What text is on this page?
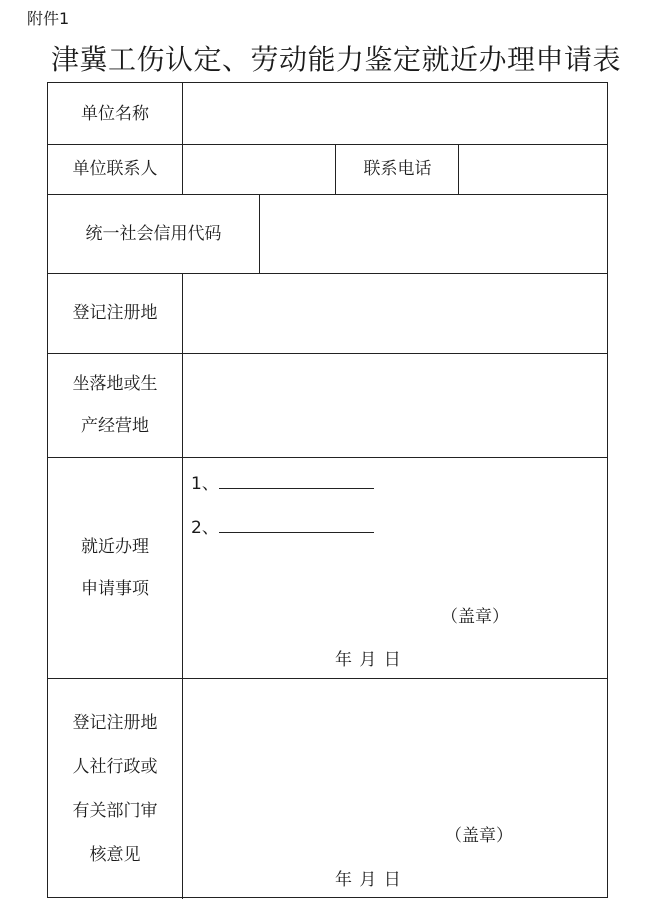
附件1
津冀工伤认定、劳动能力鉴定就近办理申请表
单位名称
单位联系人	联系电话
统一社会信用代码
登记注册地
坐落地或生
产经营地
就近办理
申请事项
1、
2、
（盖章）
年 月 日
登记注册地
人社行政或
有关部门审
核意见
（盖章）
年 月 日
